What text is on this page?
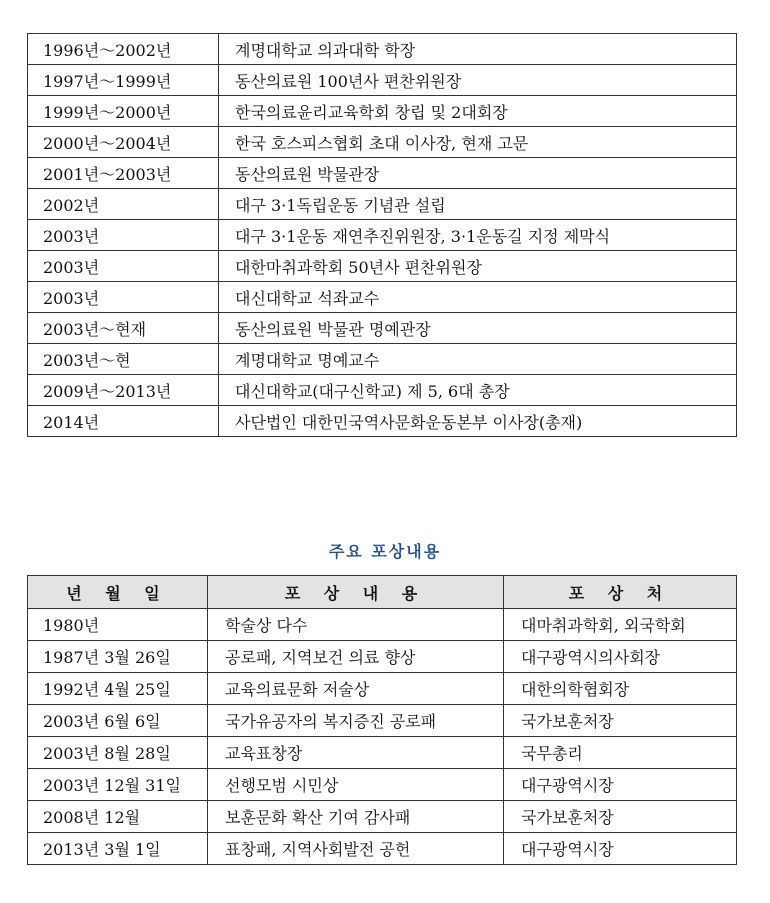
1996년～2002년	계명대학교 의과대학 학장
1997년～1999년	동산의료원 100년사 편찬위원장
1999년～2000년	한국의료윤리교육학회 창립 및 2대회장
2000년～2004년	한국 호스피스협회 초대 이사장, 현재 고문
2001년～2003년	동산의료원 박물관장
2002년	대구 3·1독립운동 기념관 설립
2003년	대구 3·1운동 재연추진위원장, 3·1운동길 지정 제막식
2003년	대한마취과학회 50년사 편찬위원장
2003년	대신대학교 석좌교수
2003년～현재	동산의료원 박물관 명예관장
2003년～현	계명대학교 명예교수
2009년～2013년	대신대학교(대구신학교) 제 5, 6대 총장
2014년	사단법인 대한민국역사문화운동본부 이사장(총재)
주요 포상내용
년 월 일	포 상 내 용	포 상 처
1980년	학술상 다수	대마취과학회, 외국학회
1987년 3월 26일	공로패, 지역보건 의료 향상	대구광역시의사회장
1992년 4월 25일	교육의료문화 저술상	대한의학협회장
2003년 6월 6일	국가유공자의 복지증진 공로패	국가보훈처장
2003년 8월 28일	교육표창장	국무총리
2003년 12월 31일	선행모범 시민상	대구광역시장
2008년 12월	보훈문화 확산 기여 감사패	국가보훈처장
2013년 3월 1일	표창패, 지역사회발전 공헌	대구광역시장
